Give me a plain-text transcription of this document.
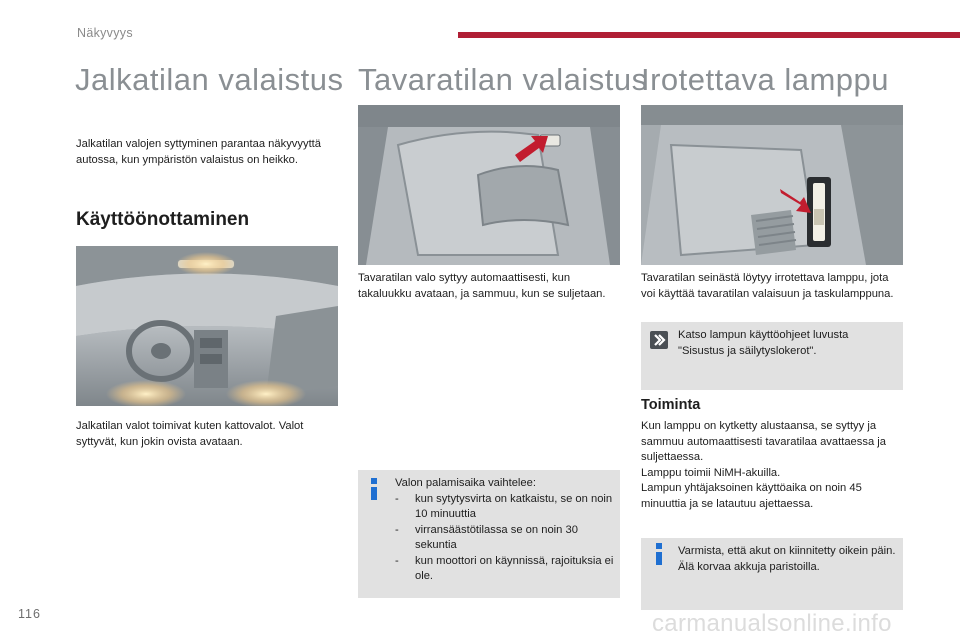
Näkyvyys
Jalkatilan valaistus
Jalkatilan valojen syttyminen parantaa näkyvyyttä autossa, kun ympäristön valaistus on heikko.
Käyttöönottaminen
Jalkatilan valot toimivat kuten kattovalot. Valot syttyvät, kun jokin ovista avataan.
Tavaratilan valaistus
Tavaratilan valo syttyy automaattisesti, kun takaluukku avataan, ja sammuu, kun se suljetaan.
Valon palamisaika vaihtelee:
- kun sytytysvirta on katkaistu, se on noin 10 minuuttia
- virransäästötilassa se on noin 30 sekuntia
- kun moottori on käynnissä, rajoituksia ei ole.
Irotettava lamppu
Tavaratilan seinästä löytyy irrotettava lamppu, jota voi käyttää tavaratilan valaisuun ja taskulamppuna.
Katso lampun käyttöohjeet luvusta "Sisustus ja säilytyslokerot".
Toiminta
Kun lamppu on kytketty alustaansa, se syttyy ja sammuu automaattisesti tavaratilaa avattaessa ja suljettaessa.
Lamppu toimii NiMH-akuilla.
Lampun yhtäjaksoinen käyttöaika on noin 45 minuuttia ja se latautuu ajettaessa.
Varmista, että akut on kiinnitetty oikein päin.
Älä korvaa akkuja paristoilla.
116	carmanualsonline.info
